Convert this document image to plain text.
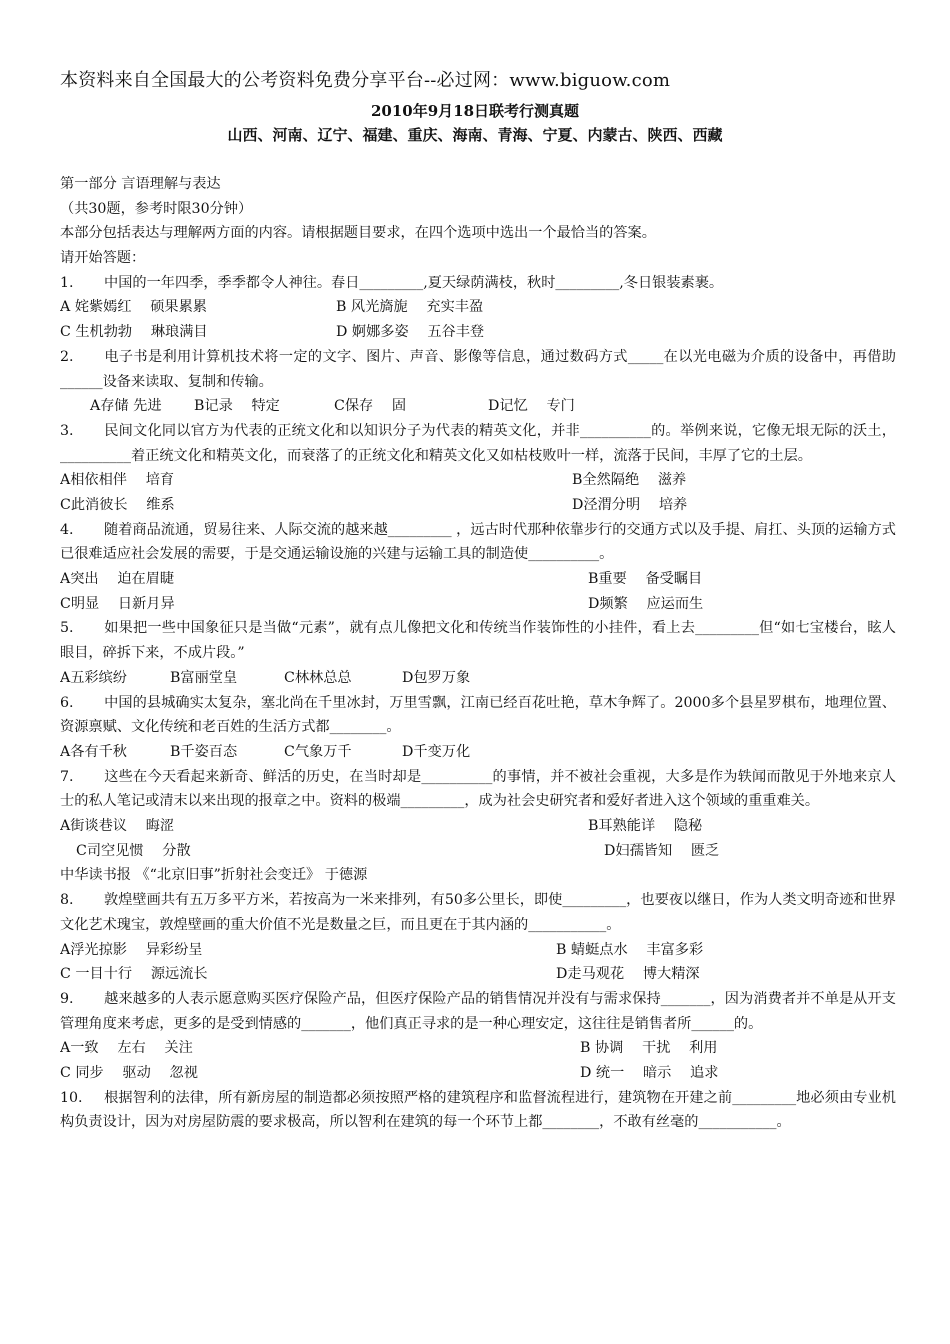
本资料来自全国最大的公考资料免费分享平台--必过网：www.biguow.com
2010年9月18日联考行测真题
山西、河南、辽宁、福建、重庆、海南、青海、宁夏、内蒙古、陕西、西藏
第一部分 言语理解与表达
（共30题，参考时限30分钟）
本部分包括表达与理解两方面的内容。请根据题目要求，在四个选项中选出一个最恰当的答案。
请开始答题：
1. 中国的一年四季，季季都令人神往。春日_________,夏天绿荫满枝，秋时_________,冬日银装素裹。
A 姹紫嫣红　 硕果累累	B 风光旖旎　 充实丰盈
C 生机勃勃　 琳琅满目	D 婀娜多姿　 五谷丰登
2. 电子书是利用计算机技术将一定的文字、图片、声音、影像等信息，通过数码方式_____在以光电磁为介质的设备中，再借助______设备来读取、复制和传输。
A存储 先进 B记录　 特定	C保存　 固	D记忆　 专门
3. 民间文化同以官方为代表的正统文化和以知识分子为代表的精英文化，并非__________的。举例来说，它像无垠无际的沃土，__________着正统文化和精英文化，而衰落了的正统文化和精英文化又如枯枝败叶一样，流落于民间，丰厚了它的土层。
A相依相伴　 培育	B全然隔绝　 滋养
C此消彼长　 维系	D泾渭分明　 培养
4. 随着商品流通，贸易往来、人际交流的越来越_________ ，远古时代那种依靠步行的交通方式以及手提、肩扛、头顶的运输方式已很难适应社会发展的需要，于是交通运输设施的兴建与运输工具的制造使__________。
A突出　 迫在眉睫	B重要　 备受瞩目
C明显　 日新月异	D频繁　 应运而生
5. 如果把一些中国象征只是当做“元素”，就有点儿像把文化和传统当作装饰性的小挂件，看上去_________但“如七宝楼台，眩人眼目，碎拆下来，不成片段。”
A五彩缤纷	B富丽堂皇	C林林总总	D包罗万象
6. 中国的县城确实太复杂，塞北尚在千里冰封，万里雪飘，江南已经百花吐艳，草木争辉了。2000多个县星罗棋布，地理位置、资源禀赋、文化传统和老百姓的生活方式都________。
A各有千秋	B千姿百态	C气象万千	D千变万化
7. 这些在今天看起来新奇、鲜活的历史，在当时却是__________的事情，并不被社会重视，大多是作为轶闻而散见于外地来京人士的私人笔记或清末以来出现的报章之中。资料的极端_________，成为社会史研究者和爱好者进入这个领域的重重难关。
A街谈巷议　 晦涩	B耳熟能详　 隐秘
C司空见惯　 分散	D妇孺皆知　 匮乏
中华读书报 《“北京旧事”折射社会变迁》 于德源
8. 敦煌壁画共有五万多平方米，若按高为一米来排列，有50多公里长，即使_________，也要夜以继日，作为人类文明奇迹和世界文化艺术瑰宝，敦煌壁画的重大价值不光是数量之巨，而且更在于其内涵的___________。
A浮光掠影　 异彩纷呈	B 蜻蜓点水　 丰富多彩
C 一目十行　 源远流长	D走马观花　 博大精深
9. 越来越多的人表示愿意购买医疗保险产品，但医疗保险产品的销售情况并没有与需求保持_______，因为消费者并不单是从开支管理角度来考虑，更多的是受到情感的_______，他们真正寻求的是一种心理安定，这往往是销售者所______的。
A一致　 左右　 关注	B 协调　 干扰　 利用
C 同步　 驱动　 忽视	D 统一　 暗示　 追求
10. 根据智利的法律，所有新房屋的制造都必须按照严格的建筑程序和监督流程进行，建筑物在开建之前_________地必须由专业机构负责设计，因为对房屋防震的要求极高，所以智利在建筑的每一个环节上都________，不敢有丝毫的___________。
